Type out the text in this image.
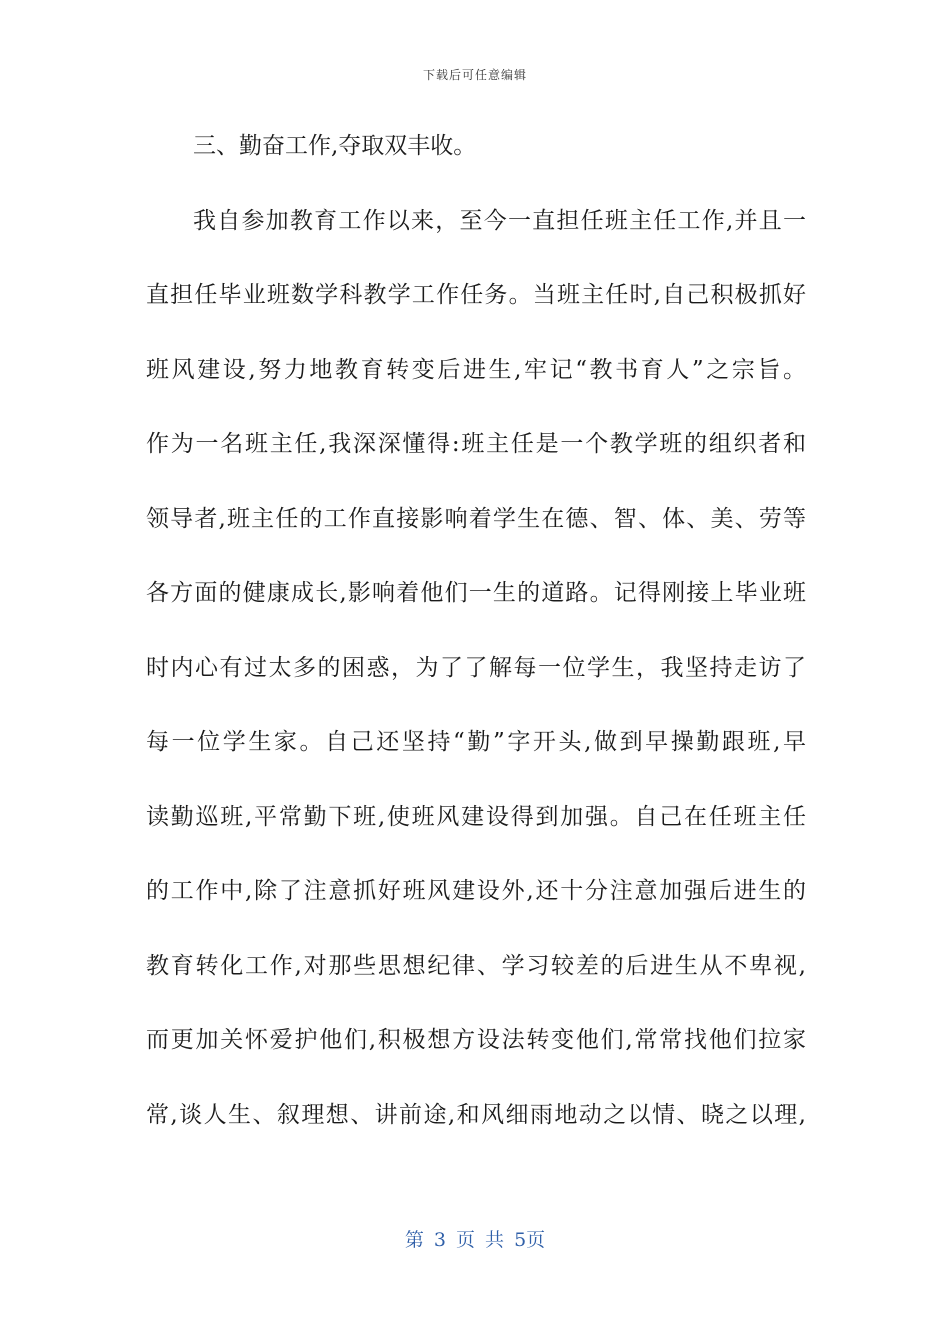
下载后可任意编辑
三、勤奋工作,夺取双丰收。
我自参加教育工作以来，至今一直担任班主任工作,并且一
直担任毕业班数学科教学工作任务。当班主任时,自己积极抓好
班风建设,努力地教育转变后进生,牢记“教书育人”之宗旨。
作为一名班主任,我深深懂得:班主任是一个教学班的组织者和
领导者,班主任的工作直接影响着学生在德、智、体、美、劳等
各方面的健康成长,影响着他们一生的道路。记得刚接上毕业班
时内心有过太多的困惑，为了了解每一位学生，我坚持走访了
每一位学生家。自己还坚持“勤”字开头,做到早操勤跟班,早
读勤巡班,平常勤下班,使班风建设得到加强。自己在任班主任
的工作中,除了注意抓好班风建设外,还十分注意加强后进生的
教育转化工作,对那些思想纪律、学习较差的后进生从不卑视,
而更加关怀爱护他们,积极想方设法转变他们,常常找他们拉家
常,谈人生、叙理想、讲前途,和风细雨地动之以情、晓之以理,
第 3 页 共 5页
